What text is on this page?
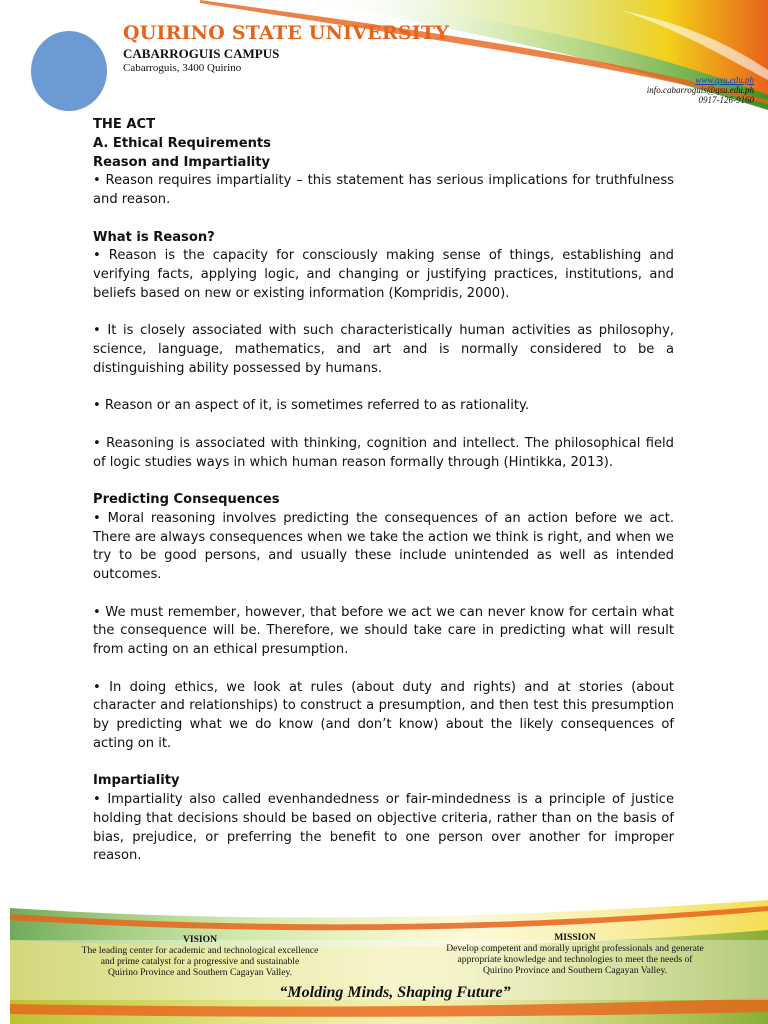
QUIRINO STATE UNIVERSITY
CABARROGUIS CAMPUS
Cabarroguis, 3400 Quirino
www.qsu.edu.ph
info.cabarroguis@qsu.edu.ph
0917-126-9160
THE ACT
A. Ethical Requirements
Reason and Impartiality

• Reason requires impartiality – this statement has serious implications for truthfulness and reason.

What is Reason?

• Reason is the capacity for consciously making sense of things, establishing and verifying facts, applying logic, and changing or justifying practices, institutions, and beliefs based on new or existing information (Kompridis, 2000).

• It is closely associated with such characteristically human activities as philosophy, science, language, mathematics, and art and is normally considered to be a distinguishing ability possessed by humans.

• Reason or an aspect of it, is sometimes referred to as rationality.

• Reasoning is associated with thinking, cognition and intellect. The philosophical field of logic studies ways in which human reason formally through (Hintikka, 2013).

Predicting Consequences

• Moral reasoning involves predicting the consequences of an action before we act. There are always consequences when we take the action we think is right, and when we try to be good persons, and usually these include unintended as well as intended outcomes.

• We must remember, however, that before we act we can never know for certain what the consequence will be. Therefore, we should take care in predicting what will result from acting on an ethical presumption.

• In doing ethics, we look at rules (about duty and rights) and at stories (about character and relationships) to construct a presumption, and then test this presumption by predicting what we do know (and don’t know) about the likely consequences of acting on it.

Impartiality

• Impartiality also called evenhandedness or fair-mindedness is a principle of justice holding that decisions should be based on objective criteria, rather than on the basis of bias, prejudice, or preferring the benefit to one person over another for improper reason.

VISION
The leading center for academic and technological excellence
and prime catalyst for a progressive and sustainable
Quirino Province and Southern Cagayan Valley.
MISSION
Develop competent and morally upright professionals and generate
appropriate knowledge and technologies to meet the needs of
Quirino Province and Southern Cagayan Valley.
“Molding Minds, Shaping Future”
